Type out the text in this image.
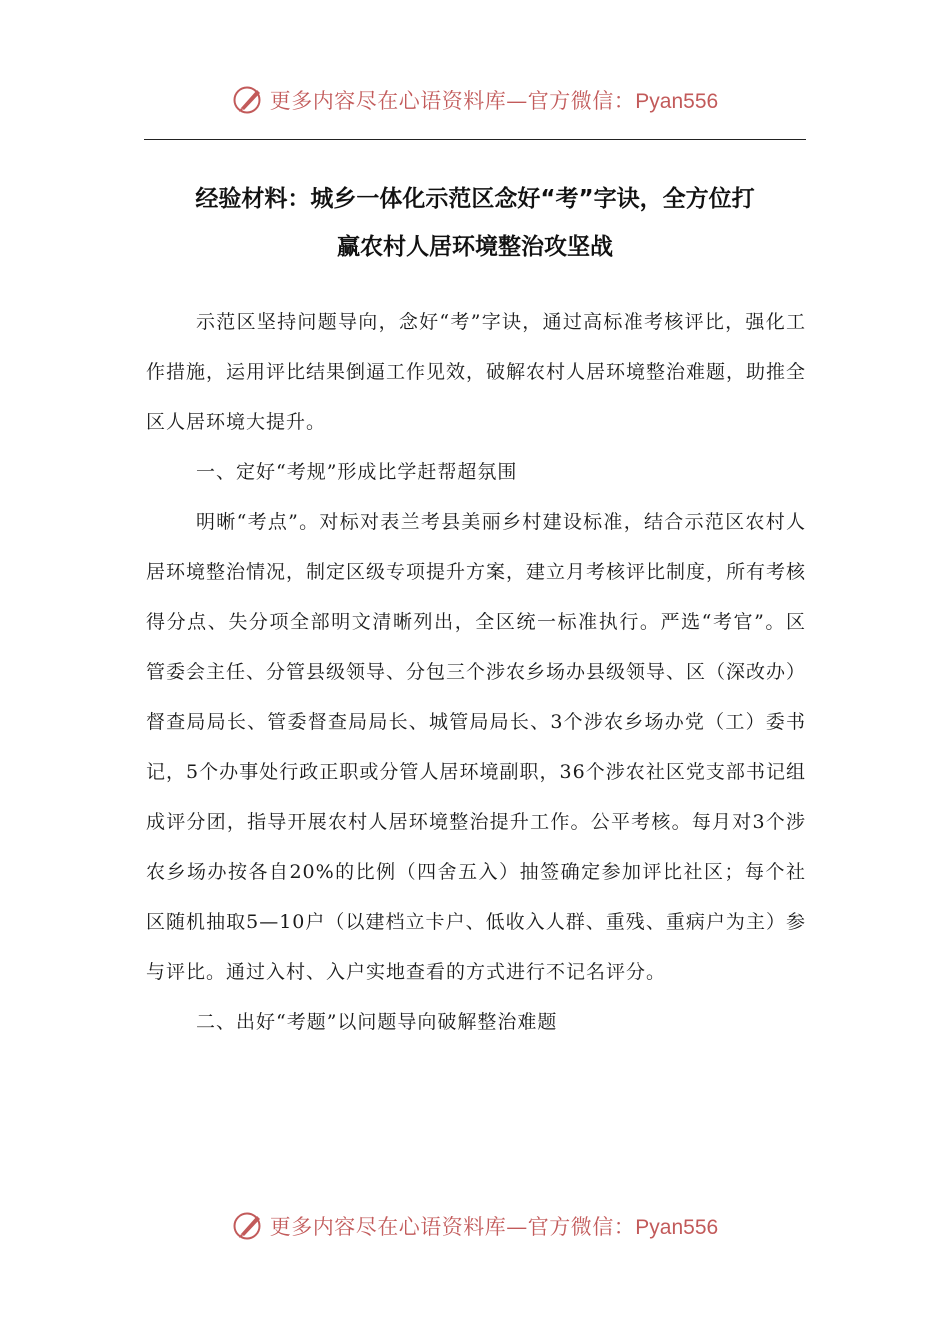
更多内容尽在心语资料库—官方微信：Pyan556
经验材料：城乡一体化示范区念好“考”字诀，全方位打
赢农村人居环境整治攻坚战

示范区坚持问题导向，念好“考”字诀，通过高标准考核评比，强化工作措施，运用评比结果倒逼工作见效，破解农村人居环境整治难题，助推全区人居环境大提升。

一、定好“考规”形成比学赶帮超氛围

明晰“考点”。对标对表兰考县美丽乡村建设标准，结合示范区农村人居环境整治情况，制定区级专项提升方案，建立月考核评比制度，所有考核得分点、失分项全部明文清晰列出，全区统一标准执行。严选“考官”。区管委会主任、分管县级领导、分包三个涉农乡场办县级领导、区（深改办）督查局局长、管委督查局局长、城管局局长、3个涉农乡场办党（工）委书记，5个办事处行政正职或分管人居环境副职，36个涉农社区党支部书记组成评分团，指导开展农村人居环境整治提升工作。公平考核。每月对3个涉农乡场办按各自20%的比例（四舍五入）抽签确定参加评比社区；每个社区随机抽取5—10户（以建档立卡户、低收入人群、重残、重病户为主）参与评比。通过入村、入户实地查看的方式进行不记名评分。

二、出好“考题”以问题导向破解整治难题

更多内容尽在心语资料库—官方微信：Pyan556
